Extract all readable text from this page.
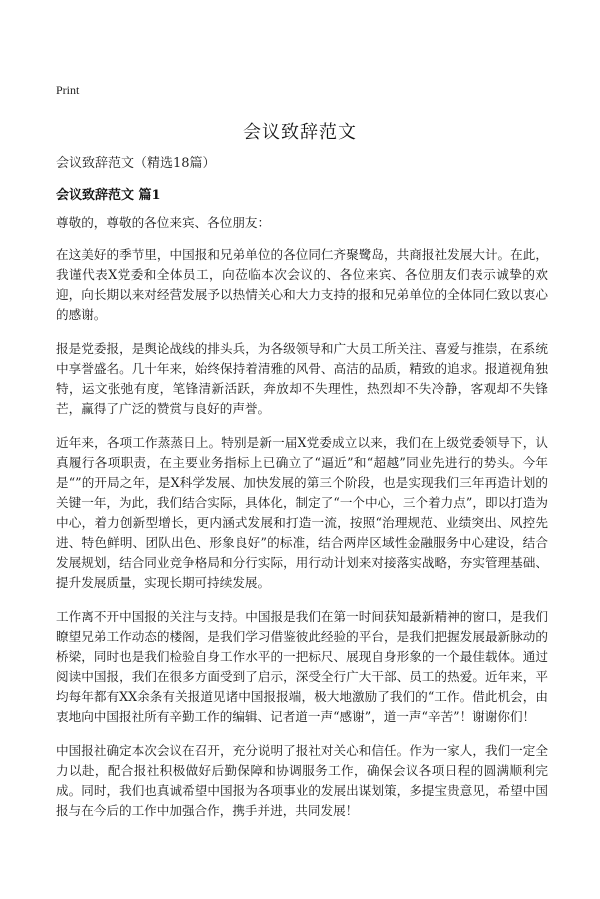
Print
会议致辞范文
会议致辞范文（精选18篇）
会议致辞范文 篇1

尊敬的，尊敬的各位来宾、各位朋友：

在这美好的季节里，中国报和兄弟单位的各位同仁齐聚鹭岛，共商报社发展大计。在此，我谨代表X党委和全体员工，向莅临本次会议的、各位来宾、各位朋友们表示诚挚的欢迎，向长期以来对经营发展予以热情关心和大力支持的报和兄弟单位的全体同仁致以衷心的感谢。

报是党委报，是舆论战线的排头兵，为各级领导和广大员工所关注、喜爱与推崇，在系统中享誉盛名。几十年来，始终保持着清雅的风骨、高洁的品质，精致的追求。报道视角独特，运文张弛有度，笔锋清新活跃，奔放却不失理性，热烈却不失冷静，客观却不失锋芒，赢得了广泛的赞赏与良好的声誉。

近年来，各项工作蒸蒸日上。特别是新一届X党委成立以来，我们在上级党委领导下，认真履行各项职责，在主要业务指标上已确立了“逼近”和“超越”同业先进行的势头。今年是“”的开局之年，是X科学发展、加快发展的第三个阶段，也是实现我们三年再造计划的关键一年，为此，我们结合实际，具体化，制定了“一个中心，三个着力点”，即以打造为中心，着力创新型增长，更内涵式发展和打造一流，按照“治理规范、业绩突出、风控先进、特色鲜明、团队出色、形象良好”的标准，结合两岸区域性金融服务中心建设，结合发展规划，结合同业竞争格局和分行实际，用行动计划来对接落实战略，夯实管理基础、提升发展质量，实现长期可持续发展。

工作离不开中国报的关注与支持。中国报是我们在第一时间获知最新精神的窗口，是我们瞭望兄弟工作动态的楼阁，是我们学习借鉴彼此经验的平台，是我们把握发展最新脉动的桥梁，同时也是我们检验自身工作水平的一把标尺、展现自身形象的一个最佳载体。通过阅读中国报，我们在很多方面受到了启示，深受全行广大干部、员工的热爱。近年来，平均每年都有XX余条有关报道见诸中国报报端，极大地激励了我们的“工作。借此机会，由衷地向中国报社所有辛勤工作的编辑、记者道一声“感谢”，道一声“辛苦”！谢谢你们！

中国报社确定本次会议在召开，充分说明了报社对关心和信任。作为一家人，我们一定全力以赴，配合报社积极做好后勤保障和协调服务工作，确保会议各项日程的圆满顺利完成。同时，我们也真诚希望中国报为各项事业的发展出谋划策，多提宝贵意见，希望中国报与在今后的工作中加强合作，携手并进，共同发展！
